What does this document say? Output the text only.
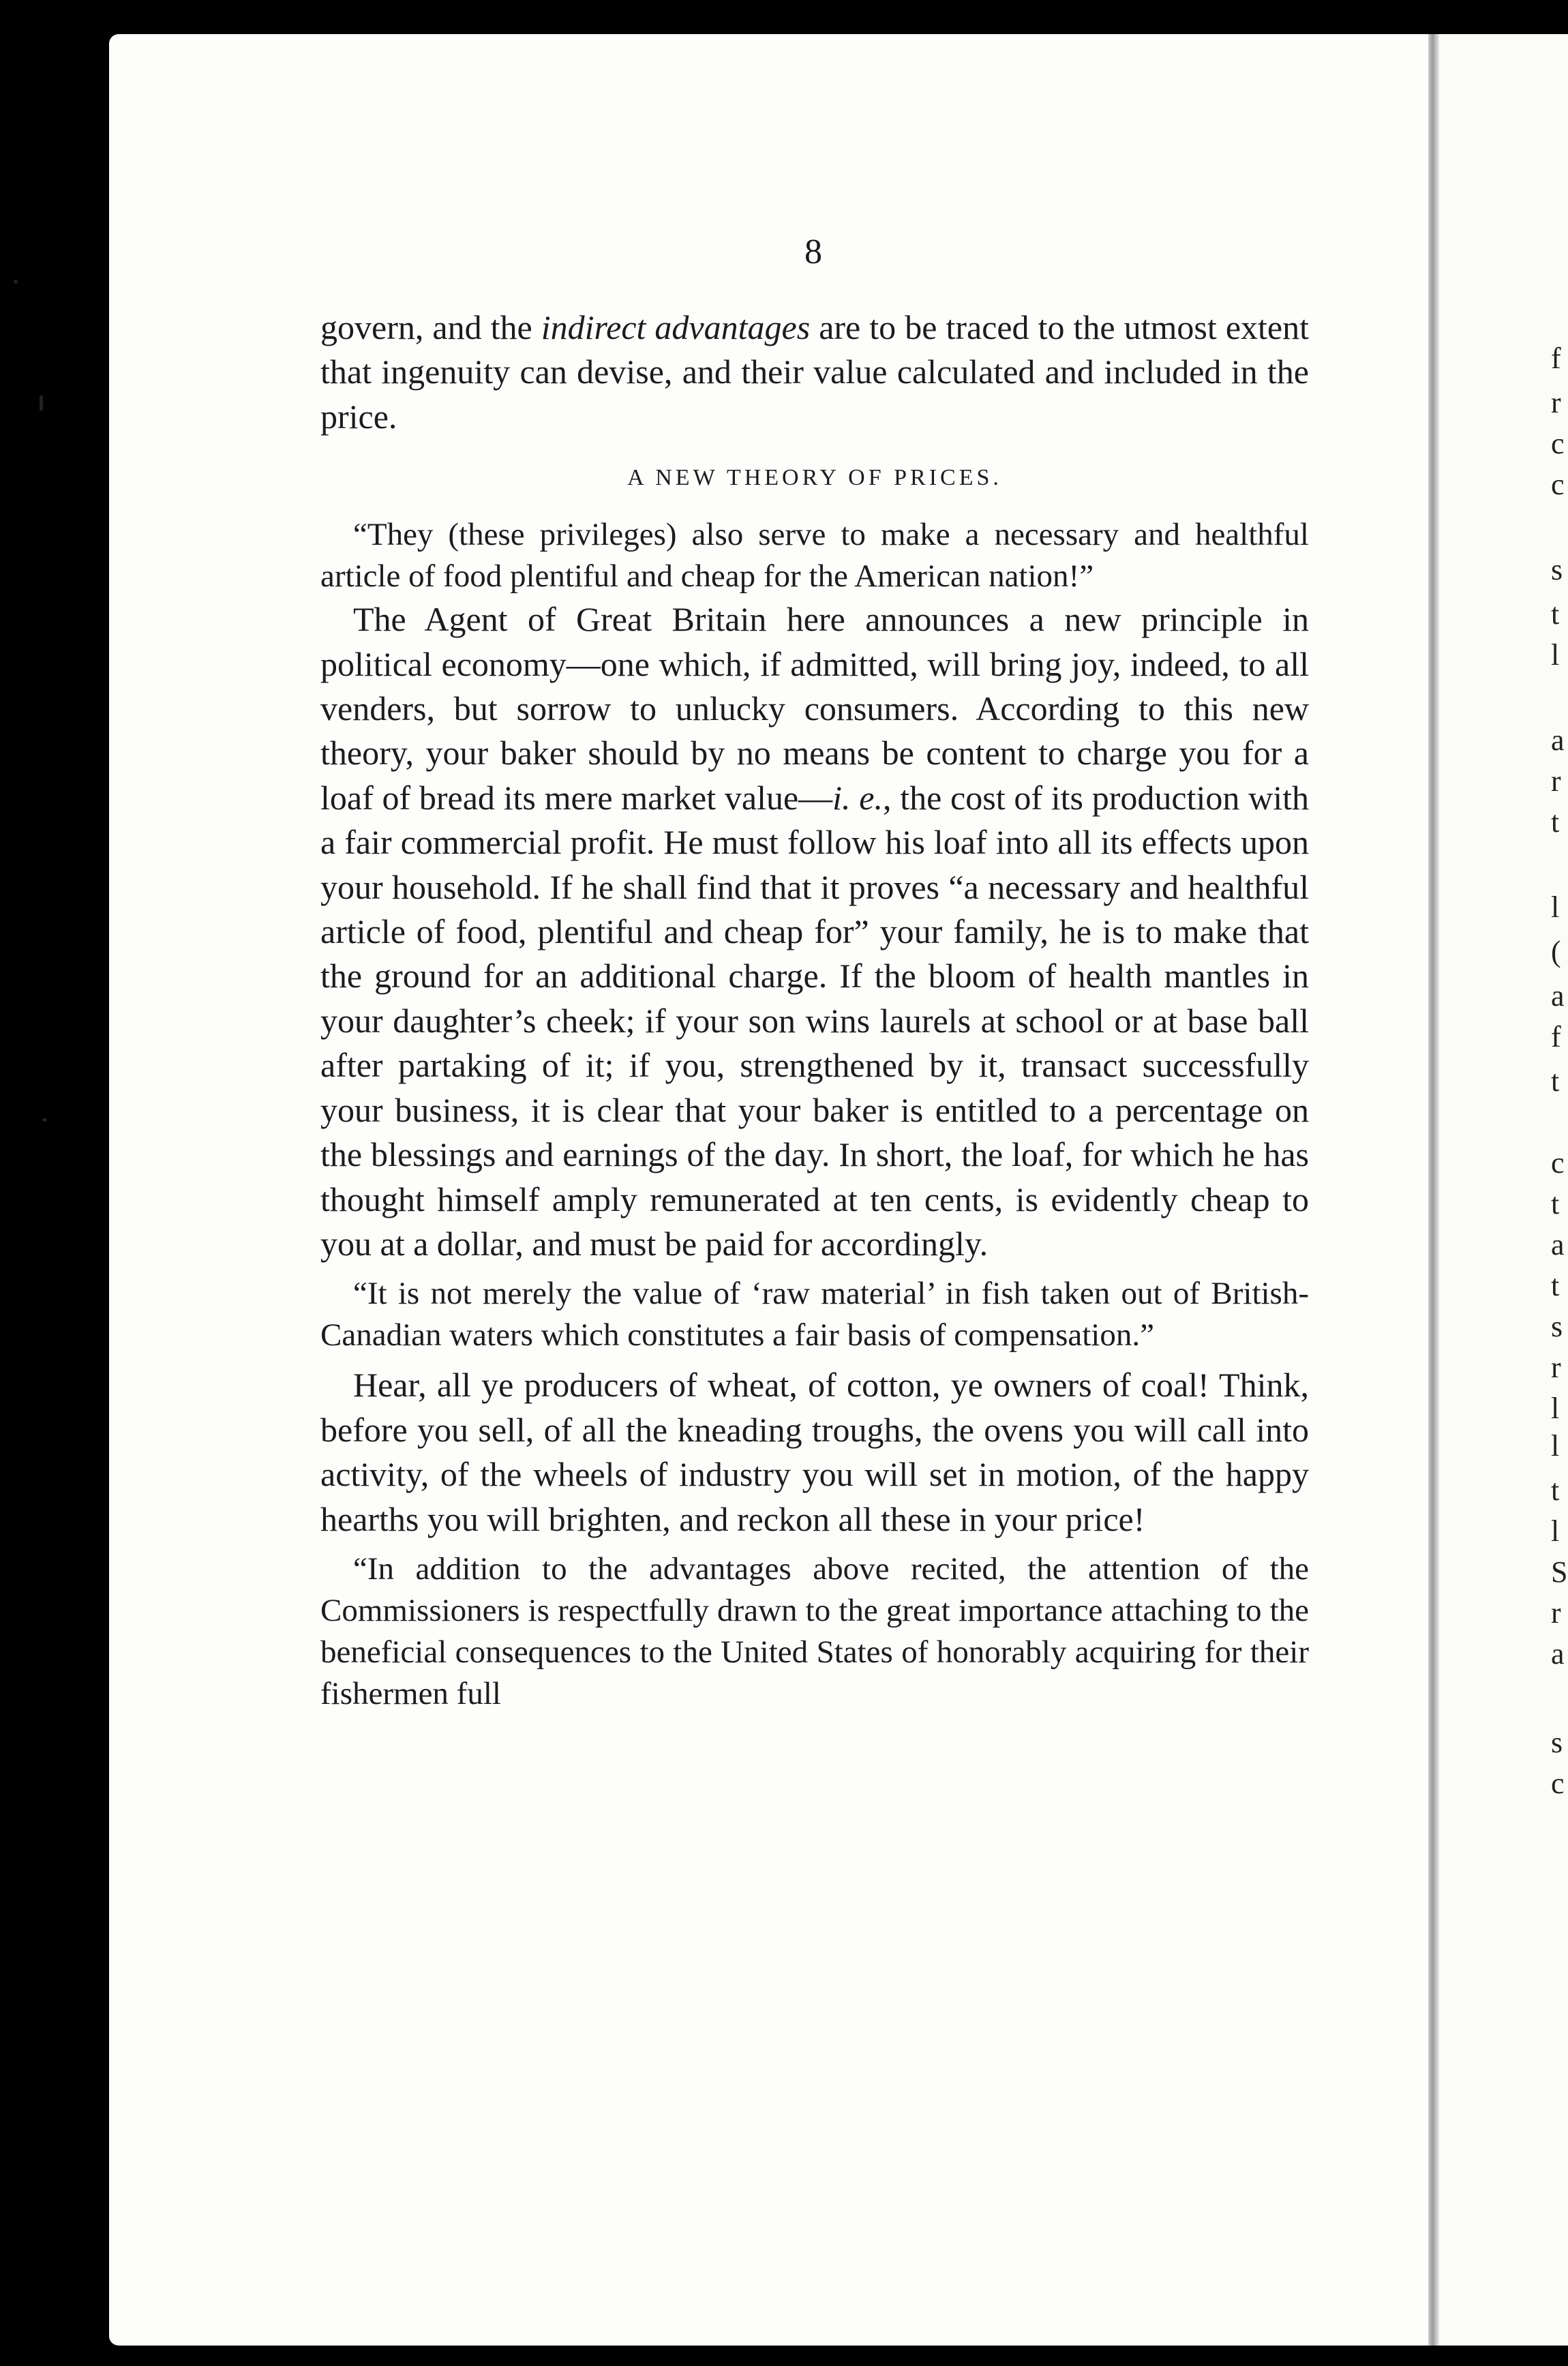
f
r
c
c
s
t
l
a
r
t
l
(
a
f
t
c
t
a
t
s
r
l
l
t
l
S
r
a
s
c
8

govern, and the indirect advantages are to be traced to the utmost extent that ingenuity can devise, and their value calculated and included in the price.

A NEW THEORY OF PRICES.

“They (these privileges) also serve to make a necessary and healthful article of food plentiful and cheap for the American nation!”

The Agent of Great Britain here announces a new principle in political economy—one which, if admitted, will bring joy, indeed, to all venders, but sorrow to unlucky consumers. According to this new theory, your baker should by no means be content to charge you for a loaf of bread its mere market value—i. e., the cost of its production with a fair commercial profit. He must follow his loaf into all its effects upon your household. If he shall find that it proves “a necessary and healthful article of food, plentiful and cheap for” your family, he is to make that the ground for an additional charge. If the bloom of health mantles in your daughter’s cheek; if your son wins laurels at school or at base ball after partaking of it; if you, strengthened by it, transact successfully your business, it is clear that your baker is entitled to a percentage on the blessings and earnings of the day. In short, the loaf, for which he has thought himself amply remunerated at ten cents, is evidently cheap to you at a dollar, and must be paid for accordingly.

“It is not merely the value of ‘raw material’ in fish taken out of British-Canadian waters which constitutes a fair basis of compensation.”

Hear, all ye producers of wheat, of cotton, ye owners of coal! Think, before you sell, of all the kneading troughs, the ovens you will call into activity, of the wheels of industry you will set in motion, of the happy hearths you will brighten, and reckon all these in your price!

“In addition to the advantages above recited, the attention of the Commissioners is respectfully drawn to the great importance attaching to the beneficial consequences to the United States of honorably acquiring for their fishermen full
